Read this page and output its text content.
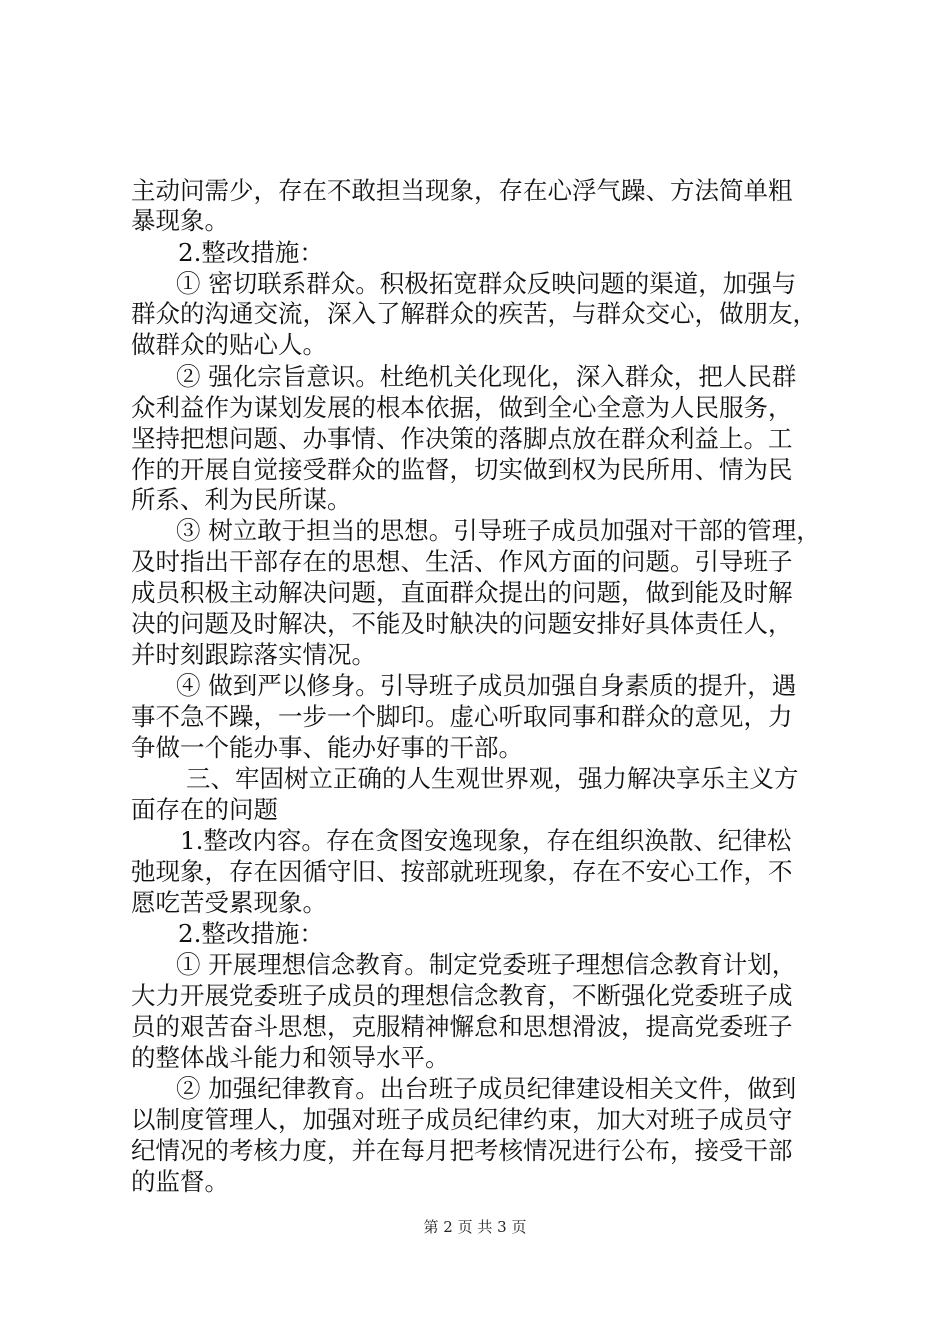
主动问需少，存在不敢担当现象，存在心浮气躁、方法简单粗
暴现象。
2.整改措施：
① 密切联系群众。积极拓宽群众反映问题的渠道，加强与
群众的沟通交流，深入了解群众的疾苦，与群众交心，做朋友，
做群众的贴心人。
② 强化宗旨意识。杜绝机关化现化，深入群众，把人民群
众利益作为谋划发展的根本依据，做到全心全意为人民服务，
坚持把想问题、办事情、作决策的落脚点放在群众利益上。工
作的开展自觉接受群众的监督，切实做到权为民所用、情为民
所系、利为民所谋。
③ 树立敢于担当的思想。引导班子成员加强对干部的管理，
及时指出干部存在的思想、生活、作风方面的问题。引导班子
成员积极主动解决问题，直面群众提出的问题，做到能及时解
决的问题及时解决，不能及时觖决的问题安排好具体责任人，
并时刻跟踪落实情况。
④ 做到严以修身。引导班子成员加强自身素质的提升，遇
事不急不躁，一步一个脚印。虚心听取同事和群众的意见，力
争做一个能办事、能办好事的干部。
三、牢固树立正确的人生观世界观，强力解决享乐主义方
面存在的问题
1.整改内容。存在贪图安逸现象，存在组织涣散、纪律松
弛现象，存在因循守旧、按部就班现象，存在不安心工作，不
愿吃苦受累现象。
2.整改措施：
① 开展理想信念教育。制定党委班子理想信念教育计划，
大力开展党委班子成员的理想信念教育，不断强化党委班子成
员的艰苦奋斗思想，克服精神懈怠和思想滑波，提高党委班子
的整体战斗能力和领导水平。
② 加强纪律教育。出台班子成员纪律建设相关文件，做到
以制度管理人，加强对班子成员纪律约束，加大对班子成员守
纪情况的考核力度，并在每月把考核情况进行公布，接受干部
的监督。
第 2 页 共 3 页
